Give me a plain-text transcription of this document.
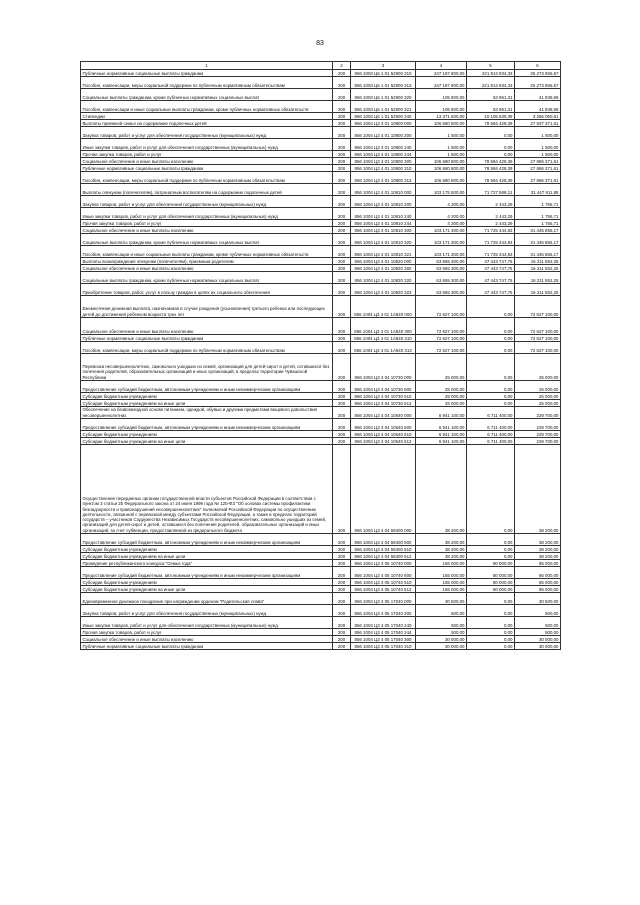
83
1	2	3	4	5	6
Публичные нормативные социальные выплаты гражданам	200	856 1003 Ц6 1 01 52900 310	247 187 800,00	221 913 934,33	25 273 865,67
Пособия, компенсации, меры социальной поддержки по публичным нормативным обязательствам	200	856 1003 Ц6 1 01 52900 313	247 187 800,00	221 913 934,33	25 273 865,67
Социальные выплаты гражданам, кроме публичных нормативных социальных выплат	200	856 1003 Ц6 1 01 52900 320	105 800,00	63 961,31	41 838,69
Пособия, компенсации и иные социальные выплаты гражданам, кроме публичных нормативных обязательств	200	856 1003 Ц6 1 01 52900 321	105 800,00	63 961,31	41 838,69
Стипендии	200	856 1003 Ц6 1 01 52900 340	13 371 600,00	10 105 539,39	3 266 060,61
Выплаты приемной семье на содержание подопечных детей	200	856 1004 Ц3 4 01 10800 000	106 680 800,00	78 594 428,39	27 837 371,61
Закупка товаров, работ и услуг для обеспечения государственных (муниципальных) нужд	200	856 1004 Ц3 4 01 10800 200	1 500,00	0,00	1 500,00
Иные закупки товаров, работ и услуг для обеспечения государственных (муниципальных) нужд	200	856 1004 Ц3 4 01 10800 240	1 500,00	0,00	1 500,00
Прочая закупка товаров, работ и услуг	200	856 1004 Ц3 4 01 10800 244	1 500,00	0,00	1 500,00
Социальное обеспечение и иные выплаты населению	200	856 1004 Ц3 4 01 10800 300	106 680 800,00	78 594 428,39	27 886 371,61
Публичные нормативные социальные выплаты гражданам	200	856 1004 Ц3 4 01 10800 310	106 680 800,00	78 594 428,39	27 886 371,61
Пособия, компенсации, меры социальной поддержки по публичным нормативным обязательствам	200	856 1004 Ц3 4 01 10800 313	106 680 800,00	78 594 428,39	27 886 371,61
Выплаты опекунам (попечителям), патронатным воспитателям на содержание подопечных детей	200	856 1004 Ц3 4 01 10810 000	103 175 500,00	71 727 588,12	31 447 911,88
Закупка товаров, работ и услуг для обеспечения государственных (муниципальных) нужд	200	856 1004 Ц3 4 01 10810 200	4 200,00	2 443,29	1 756,71
Иные закупки товаров, работ и услуг для обеспечения государственных (муниципальных) нужд	200	856 1004 Ц3 4 01 10810 240	4 200,00	2 443,29	1 756,71
Прочая закупка товаров, работ и услуг	200	856 1004 Ц3 4 01 10810 244	4 200,00	2 443,29	1 756,71
Социальное обеспечение и иные выплаты населению	200	856 1004 Ц3 4 01 10810 300	103 171 300,00	71 725 444,83	31 445 855,17
Социальные выплаты гражданам, кроме публичных нормативных социальных выплат	200	856 1004 Ц3 4 01 10810 320	103 171 300,00	71 725 444,83	31 445 855,17
Пособия, компенсации и иные социальные выплаты гражданам, кроме публичных нормативных обязательств	200	856 1004 Ц3 4 01 10810 321	103 171 300,00	71 725 444,83	31 445 855,17
Выплаты вознаграждения опекунам (попечителям), приемным родителям	200	856 1004 Ц3 4 01 10820 000	63 655 300,00	47 443 747,75	16 211 552,25
Социальное обеспечение и иные выплаты населению	200	856 1004 Ц3 4 01 10820 300	63 655 300,00	47 443 747,75	16 211 552,25
Социальные выплаты гражданам, кроме публичных нормативных социальных выплат	200	856 1004 Ц3 4 01 10820 320	63 655 300,00	47 443 747,75	16 211 552,25
Приобретение товаров, работ, услуг в пользу граждан в целях их социального обеспечения	200	856 1004 Ц3 4 01 10820 323	63 655 300,00	47 443 747,75	16 211 552,25
Ежемесячная денежная выплата, назначаемая в случае рождения (усыновления) третьего ребенка или последующих детей до достижения ребенком возраста трех лет	200	856 1004 Ц3 4 01 1А840 000	72 627 100,00	0,00	72 627 100,00
Социальное обеспечение и иные выплаты населению	200	856 1004 Ц3 4 01 1А840 300	72 627 100,00	0,00	72 627 100,00
Публичные нормативные социальные выплаты гражданам	200	856 1004 Ц3 4 01 1А840 310	72 627 100,00	0,00	72 627 100,00
Пособия, компенсации, меры социальной поддержки по публичным нормативным обязательствам	200	856 1004 Ц3 4 01 1А840 313	72 627 100,00	0,00	72 627 100,00
Перевозка несовершеннолетних, самовольно ушедших из семей, организаций для детей-сирот и детей, оставшихся без попечения родителей, образовательных организаций и иных организаций, в пределах территории Чувашской Республики	200	856 1004 Ц3 4 04 10730 000	25 000,00	0,00	25 000,00
Предоставление субсидий бюджетным, автономным учреждениям и иным некоммерческим организациям	200	856 1004 Ц3 4 04 10730 600	25 000,00	0,00	25 000,00
Субсидии бюджетным учреждениям	200	856 1004 Ц3 4 04 10730 610	25 000,00	0,00	25 000,00
Субсидии бюджетным учреждениям на иные цели	200	856 1004 Ц3 4 04 10730 612	25 000,00	0,00	25 000,00
Обеспечение на безвозмездной основе питанием, одеждой, обувью и другими предметами вещевого довольствия несовершеннолетних	200	856 1004 Ц3 4 04 10640 000	6 941 100,00	6 711 400,00	229 700,00
Предоставление субсидий бюджетным, автономным учреждениям и иным некоммерческим организациям	200	856 1004 Ц3 4 04 10640 600	6 941 100,00	6 711 400,00	229 700,00
Субсидии бюджетным учреждениям	200	856 1004 Ц3 4 04 10640 610	6 941 100,00	6 711 400,00	229 700,00
Субсидии бюджетным учреждениям на иные цели	200	856 1004 Ц3 4 04 10640 612	6 941 100,00	6 711 400,00	229 700,00
Осуществление переданных органам государственной власти субъектов Российской Федерации в соответствии с пунктом 3 статьи 25 Федерального закона от 24 июня 1999 года № 120-ФЗ "Об основах системы профилактики безнадзорности и правонарушений несовершеннолетних" полномочий Российской Федерации по осуществлению деятельности, связанной с перевозкой между субъектами Российской Федерации, а также в пределах территорий государств – участников Содружества Независимых Государств несовершеннолетних, самовольно ушедших из семей, организаций для детей-сирот и детей, оставшихся без попечения родителей, образовательных организаций и иных организаций, за счет субвенции, предоставляемой из федерального бюджета	200	856 1004 Ц3 4 04 59400 000	38 200,00	0,00	38 200,00
Предоставление субсидий бюджетным, автономным учреждениям и иным некоммерческим организациям	200	856 1004 Ц3 4 04 59400 600	38 200,00	0,00	38 200,00
Субсидии бюджетным учреждениям	200	856 1004 Ц3 4 04 59400 610	38 200,00	0,00	38 200,00
Субсидии бюджетным учреждениям на иные цели	200	856 1004 Ц3 4 04 59400 612	38 200,00	0,00	38 200,00
Проведение республиканского конкурса "Семья года"	200	856 1004 Ц3 4 05 10740 000	165 000,00	80 000,00	85 000,00
Предоставление субсидий бюджетным, автономным учреждениям и иным некоммерческим организациям	200	856 1004 Ц3 4 05 10740 600	165 000,00	80 000,00	85 000,00
Субсидии бюджетным учреждениям	200	856 1004 Ц3 4 05 10740 610	165 000,00	80 000,00	85 000,00
Субсидии бюджетным учреждениям на иные цели	200	856 1004 Ц3 4 05 10740 612	165 000,00	80 000,00	85 000,00
Единовременное денежное поощрение при награждении орденом "Родительская слава"	200	856 1004 Ц3 4 05 17040 000	30 500,00	0,00	30 500,00
Закупка товаров, работ и услуг для обеспечения государственных (муниципальных) нужд	200	856 1004 Ц3 4 05 17040 200	500,00	0,00	500,00
Иные закупки товаров, работ и услуг для обеспечения государственных (муниципальных) нужд	200	856 1004 Ц3 4 05 17040 240	500,00	0,00	500,00
Прочая закупка товаров, работ и услуг	200	856 1004 Ц3 4 05 17040 244	500,00	0,00	500,00
Социальное обеспечение и иные выплаты населению	200	856 1004 Ц3 4 05 17040 300	30 000,00	0,00	30 000,00
Публичные нормативные социальные выплаты гражданам	200	856 1004 Ц3 4 05 17040 310	30 000,00	0,00	30 000,00
